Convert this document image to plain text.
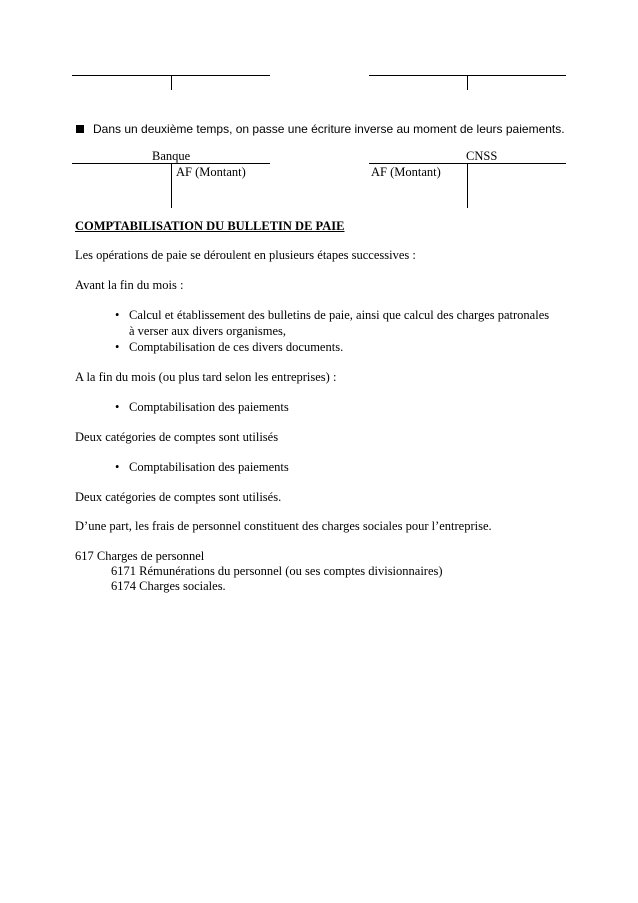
Dans un deuxième temps, on passe une écriture inverse au moment de leurs paiements.
Banque
AF (Montant)
CNSS
AF (Montant)
COMPTABILISATION DU BULLETIN DE PAIE
Les opérations de paie se déroulent en plusieurs étapes successives :
Avant la fin du mois :
• Calcul et établissement des bulletins de paie, ainsi que calcul des charges patronales
à verser aux divers organismes,
• Comptabilisation de ces divers documents.
A la fin du mois (ou plus tard selon les entreprises) :
• Comptabilisation des paiements
Deux catégories de comptes sont utilisés
• Comptabilisation des paiements
Deux catégories de comptes sont utilisés.
D’une part, les frais de personnel constituent des charges sociales pour l’entreprise.
617 Charges de personnel
6171 Rémunérations du personnel (ou ses comptes divisionnaires)
6174 Charges sociales.
